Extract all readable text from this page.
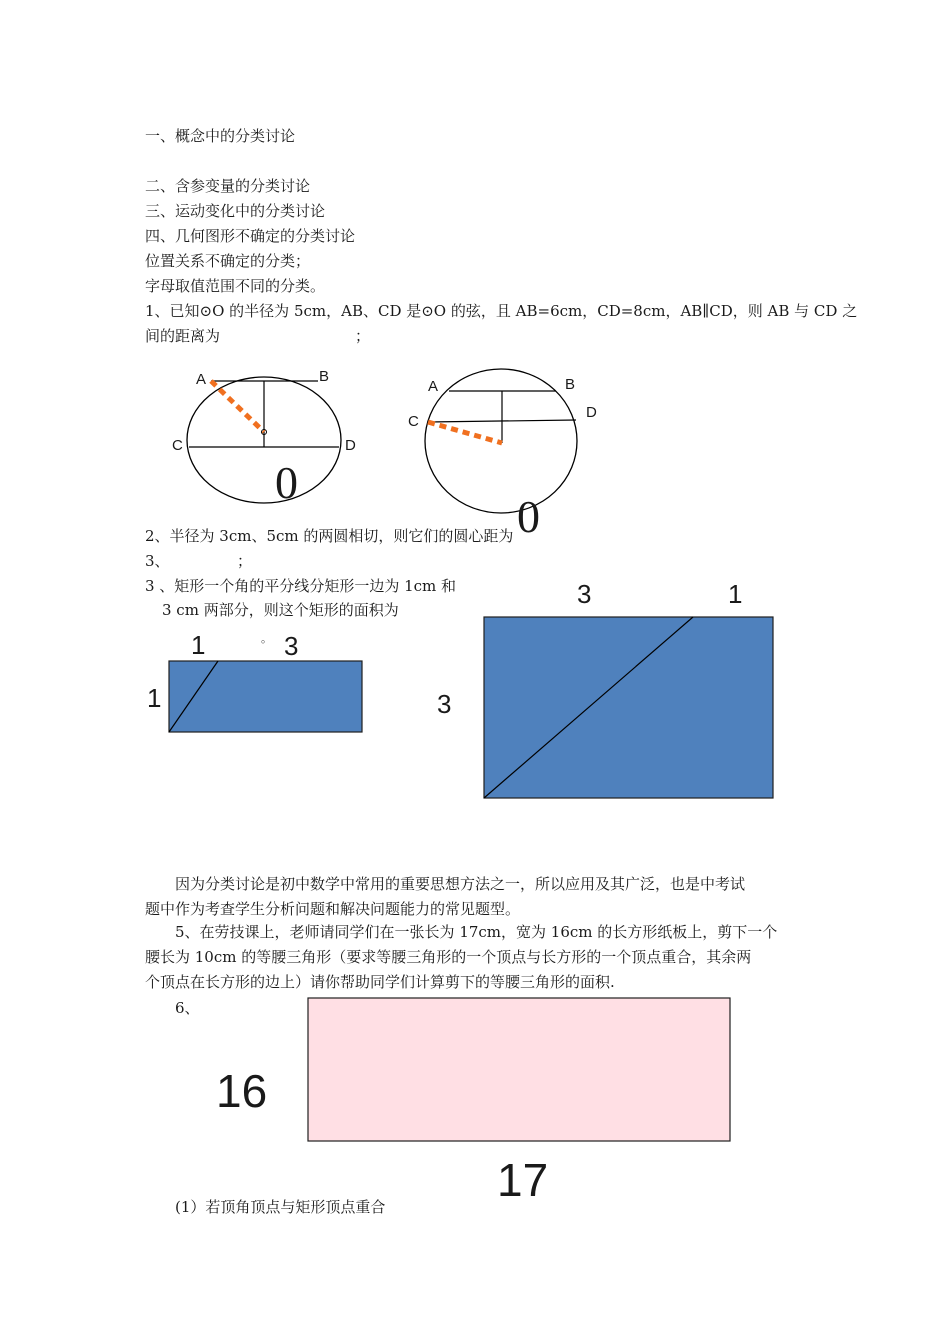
一、概念中的分类讨论
二、含参变量的分类讨论
三、运动变化中的分类讨论
四、几何图形不确定的分类讨论
位置关系不确定的分类；
字母取值范围不同的分类。
1、已知⊙O 的半径为 5cm，AB、CD 是⊙O 的弦，且 AB=6cm，CD=8cm，AB∥CD，则 AB 与 CD 之
间的距离为	；
A	B
C	D
0
A	B
C
D
0
2、半径为 3cm、5cm 的两圆相切，则它们的圆心距为
3、	；
3 、矩形一个角的平分线分矩形一边为 1cm 和
3 cm 两部分，则这个矩形的面积为
。
1	3
1
3	1
3
因为分类讨论是初中数学中常用的重要思想方法之一，所以应用及其广泛，也是中考试
题中作为考查学生分析问题和解决问题能力的常见题型。
5、在劳技课上，老师请同学们在一张长为 17cm，宽为 16cm 的长方形纸板上，剪下一个
腰长为 10cm 的等腰三角形（要求等腰三角形的一个顶点与长方形的一个顶点重合，其余两
个顶点在长方形的边上）请你帮助同学们计算剪下的等腰三角形的面积.
6、
16
17
(1）若顶角顶点与矩形顶点重合
